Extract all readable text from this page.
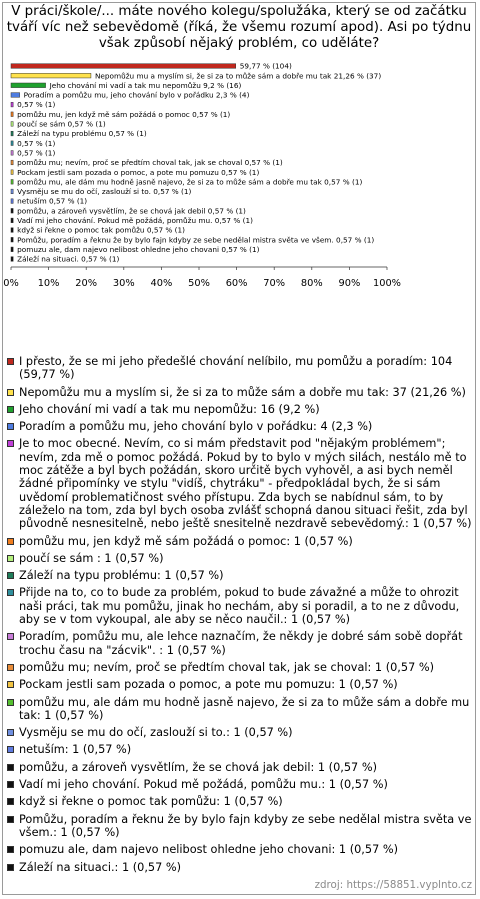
V práci/škole/... máte nového kolegu/spolužáka, který se od začátku tváří víc než sebevědomě (říká, že všemu rozumí apod). Asi po týdnu však způsobí nějaký problém, co uděláte?
59,77 % (104)
Nepomůžu mu a myslím si, že si za to může sám a dobře mu tak 21,26 % (37)
Jeho chování mi vadí a tak mu nepomůžu 9,2 % (16)
Poradím a pomůžu mu, jeho chování bylo v pořádku 2,3 % (4)
0,57 % (1)
pomůžu mu, jen když mě sám požádá o pomoc 0,57 % (1)
poučí se sám 0,57 % (1)
Záleží na typu problému 0,57 % (1)
0,57 % (1)
0,57 % (1)
pomůžu mu; nevím, proč se předtím choval tak, jak se choval 0,57 % (1)
Pockam jestli sam pozada o pomoc, a pote mu pomuzu 0,57 % (1)
pomůžu mu, ale dám mu hodně jasně najevo, že si za to může sám a dobře mu tak 0,57 % (1)
Vysměju se mu do očí, zaslouží si to. 0,57 % (1)
netuším 0,57 % (1)
pomůžu, a zároveň vysvětlím, že se chová jak debil 0,57 % (1)
Vadí mi jeho chování. Pokud mě požádá, pomůžu mu. 0,57 % (1)
když si řekne o pomoc tak pomůžu 0,57 % (1)
Pomůžu, poradím a řeknu že by bylo fajn kdyby ze sebe nedělal mistra světa ve všem. 0,57 % (1)
pomuzu ale, dam najevo nelibost ohledne jeho chovani 0,57 % (1)
Záleží na situaci. 0,57 % (1)
0% 10% 20% 30% 40% 50% 60% 70% 80% 90% 100%
I přesto, že se mi jeho předešlé chování nelíbilo, mu pomůžu a poradím: 104 (59,77 %)
Nepomůžu mu a myslím si, že si za to může sám a dobře mu tak: 37 (21,26 %)
Jeho chování mi vadí a tak mu nepomůžu: 16 (9,2 %)
Poradím a pomůžu mu, jeho chování bylo v pořádku: 4 (2,3 %)
Je to moc obecné. Nevím, co si mám představit pod "nějakým problémem"; nevím, zda mě o pomoc požádá. Pokud by to bylo v mých silách, nestálo mě to moc zátěže a byl bych požádán, skoro určitě bych vyhověl, a asi bych neměl žádné připomínky ve stylu "vidíš, chytráku" - předpokládal bych, že si sám uvědomí problematičnost svého přístupu. Zda bych se nabídnul sám, to by záleželo na tom, zda byl bych osoba zvlášť schopná danou situaci řešit, zda byl původně nesnesitelně, nebo ještě snesitelně nezdravě sebevědomý.: 1 (0,57 %)
pomůžu mu, jen když mě sám požádá o pomoc: 1 (0,57 %)
poučí se sám : 1 (0,57 %)
Záleží na typu problému: 1 (0,57 %)
Přijde na to, co to bude za problém, pokud to bude závažné a může to ohrozit naši práci, tak mu pomůžu, jinak ho nechám, aby si poradil, a to ne z důvodu, aby se v tom vykoupal, ale aby se něco naučil.: 1 (0,57 %)
Poradím, pomůžu mu, ale lehce naznačím, že někdy je dobré sám sobě dopřát trochu času na "zácvik". : 1 (0,57 %)
pomůžu mu; nevím, proč se předtím choval tak, jak se choval: 1 (0,57 %)
Pockam jestli sam pozada o pomoc, a pote mu pomuzu: 1 (0,57 %)
pomůžu mu, ale dám mu hodně jasně najevo, že si za to může sám a dobře mu tak: 1 (0,57 %)
Vysměju se mu do očí, zaslouží si to.: 1 (0,57 %)
netuším: 1 (0,57 %)
pomůžu, a zároveň vysvětlím, že se chová jak debil: 1 (0,57 %)
Vadí mi jeho chování. Pokud mě požádá, pomůžu mu.: 1 (0,57 %)
když si řekne o pomoc tak pomůžu: 1 (0,57 %)
Pomůžu, poradím a řeknu že by bylo fajn kdyby ze sebe nedělal mistra světa ve všem.: 1 (0,57 %)
pomuzu ale, dam najevo nelibost ohledne jeho chovani: 1 (0,57 %)
Záleží na situaci.: 1 (0,57 %)
zdroj: https://58851.vyplnto.cz
